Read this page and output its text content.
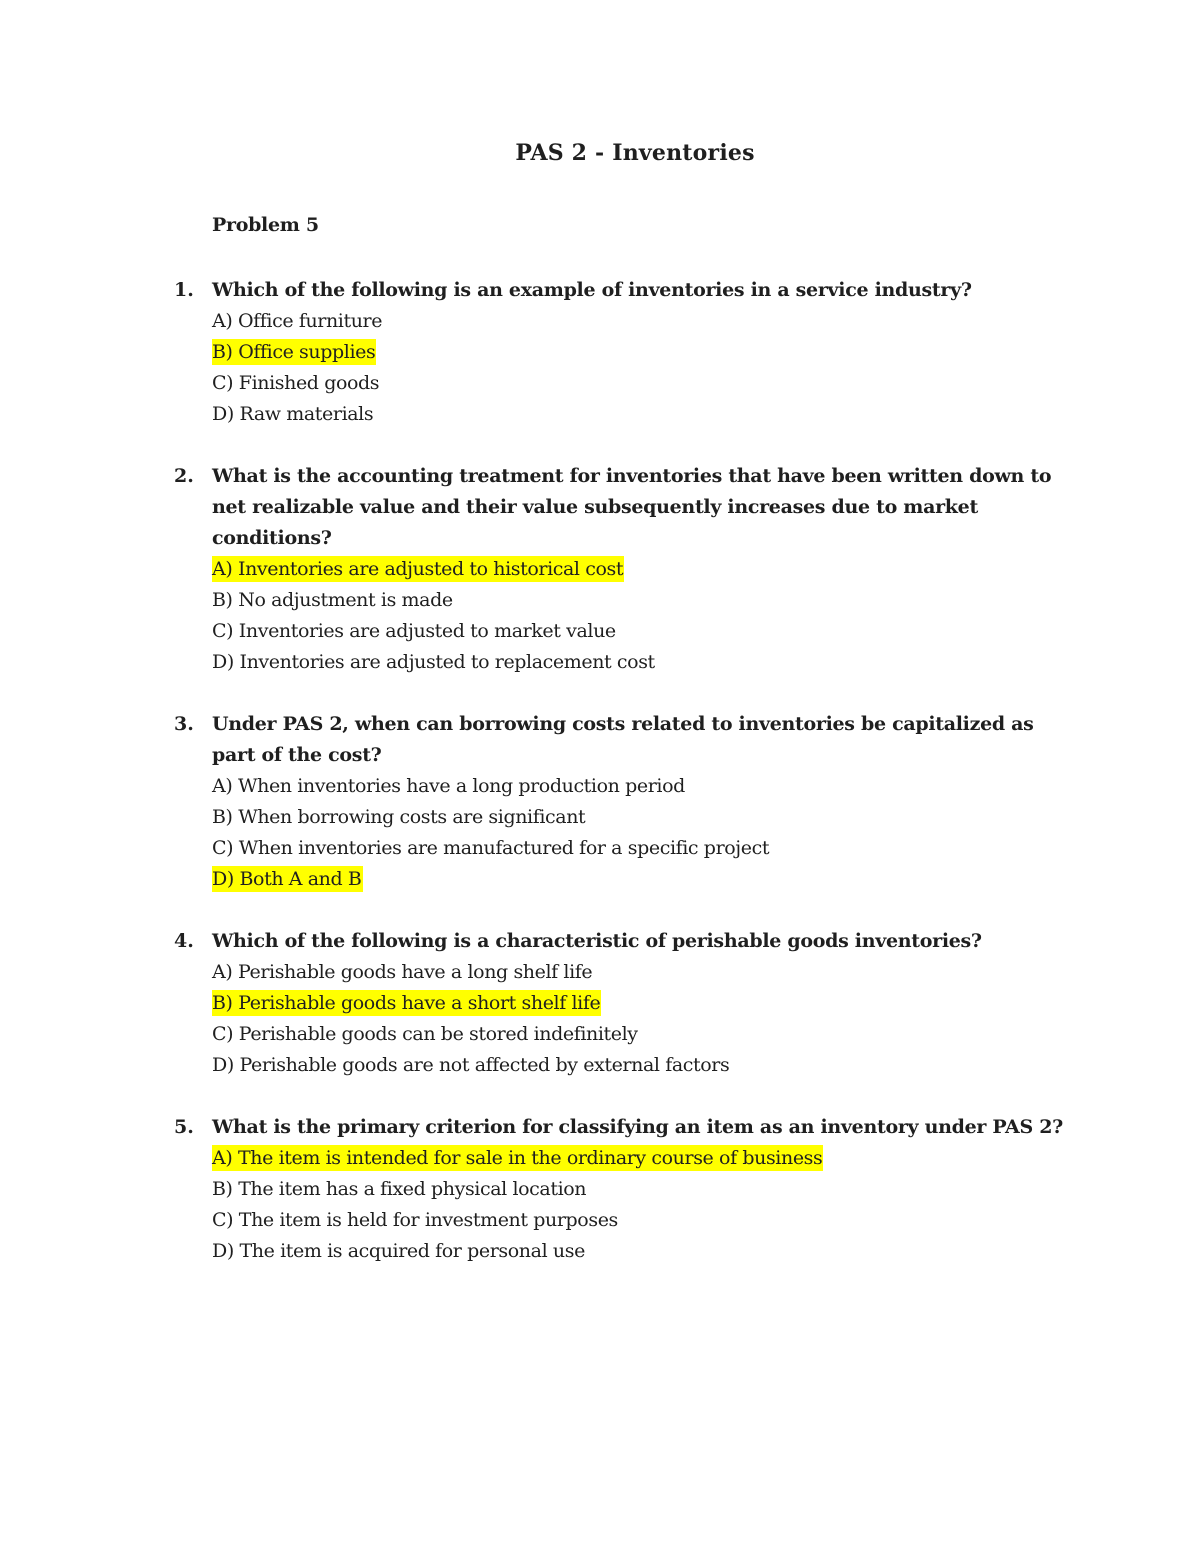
PAS 2 - Inventories
Problem 5
1. Which of the following is an example of inventories in a service industry?
A) Office furniture
B) Office supplies
C) Finished goods
D) Raw materials
2. What is the accounting treatment for inventories that have been written down to net realizable value and their value subsequently increases due to market conditions?
A) Inventories are adjusted to historical cost
B) No adjustment is made
C) Inventories are adjusted to market value
D) Inventories are adjusted to replacement cost
3. Under PAS 2, when can borrowing costs related to inventories be capitalized as part of the cost?
A) When inventories have a long production period
B) When borrowing costs are significant
C) When inventories are manufactured for a specific project
D) Both A and B
4. Which of the following is a characteristic of perishable goods inventories?
A) Perishable goods have a long shelf life
B) Perishable goods have a short shelf life
C) Perishable goods can be stored indefinitely
D) Perishable goods are not affected by external factors
5. What is the primary criterion for classifying an item as an inventory under PAS 2?
A) The item is intended for sale in the ordinary course of business
B) The item has a fixed physical location
C) The item is held for investment purposes
D) The item is acquired for personal use
